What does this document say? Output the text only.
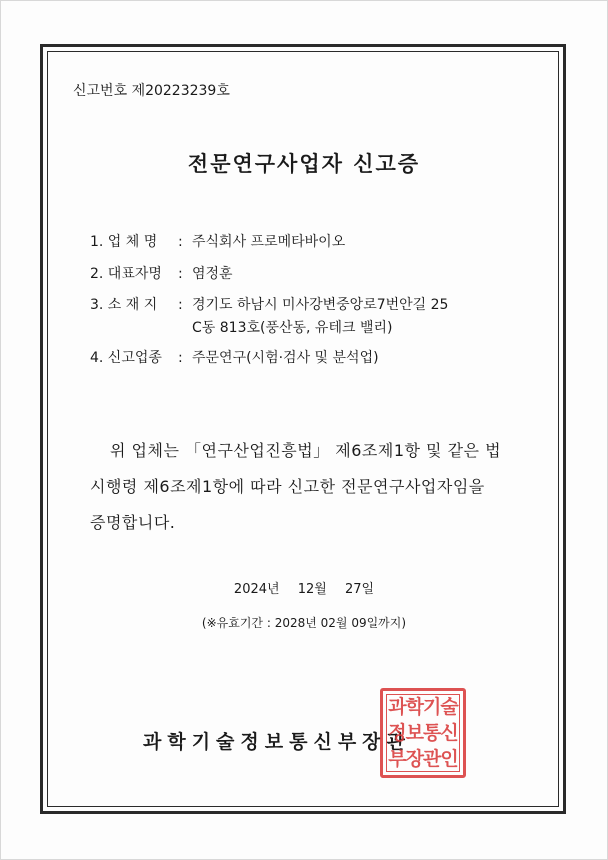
신고번호 제20223239호
전문연구사업자 신고증
1. 업 체 명 : 주식회사 프로메타바이오
2. 대표자명 : 염정훈
3. 소 재 지 : 경기도 하남시 미사강변중앙로7번안길 25
C동 813호(풍산동, 유테크 밸리)
4. 신고업종 : 주문연구(시험·검사 및 분석업)
위 업체는 「연구산업진흥법」 제6조제1항 및 같은 법
시행령 제6조제1항에 따라 신고한 전문연구사업자임을
증명합니다.
2024년 12월 27일
(※유효기간 : 2028년 02월 09일까지)
과학기술정보통신부장관
과학기술
정보통신
부장관인
